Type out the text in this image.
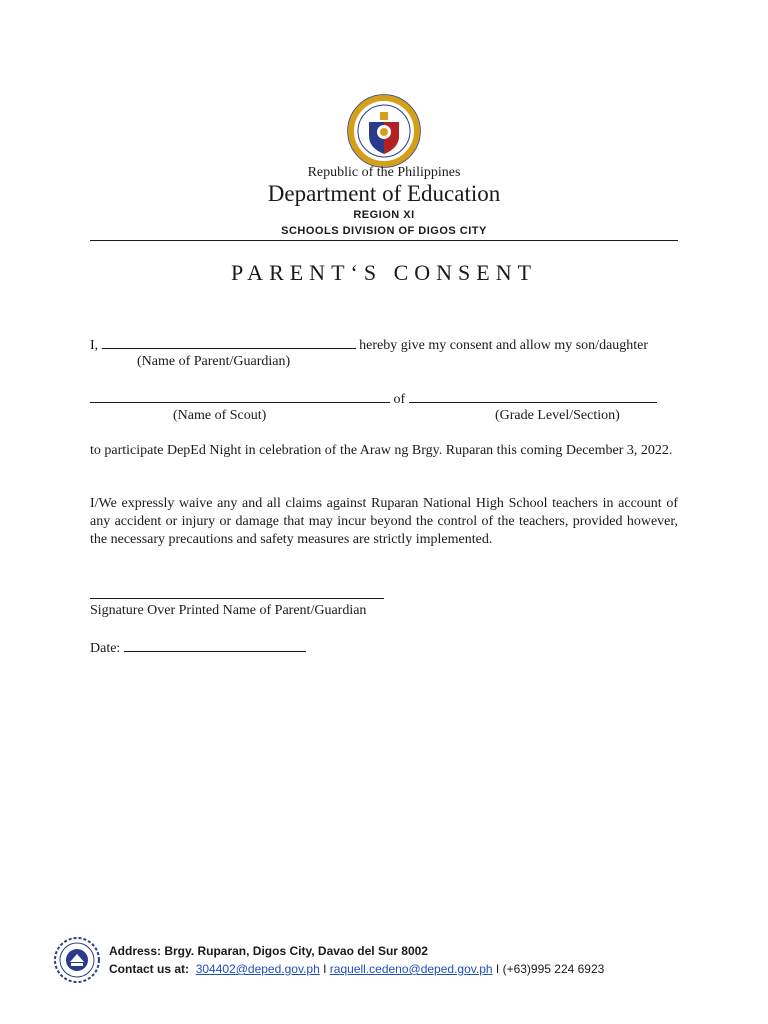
Republic of the Philippines
Department of Education
REGION XI
SCHOOLS DIVISION OF DIGOS CITY
PARENT‘S CONSENT
I,	hereby give my consent and allow my son/daughter
(Name of Parent/Guardian)
of
(Name of Scout)	(Grade Level/Section)
to participate DepEd Night in celebration of the Araw ng Brgy. Ruparan this coming December 3, 2022.
I/We expressly waive any and all claims against Ruparan National High School teachers in account of any accident or injury or damage that may incur beyond the control of the teachers, provided however, the necessary precautions and safety measures are strictly implemented.
Signature Over Printed Name of Parent/Guardian
Date:
Address: Brgy. Ruparan, Digos City, Davao del Sur 8002
Contact us at: 304402@deped.gov.ph I raquell.cedeno@deped.gov.ph I (+63)995 224 6923
